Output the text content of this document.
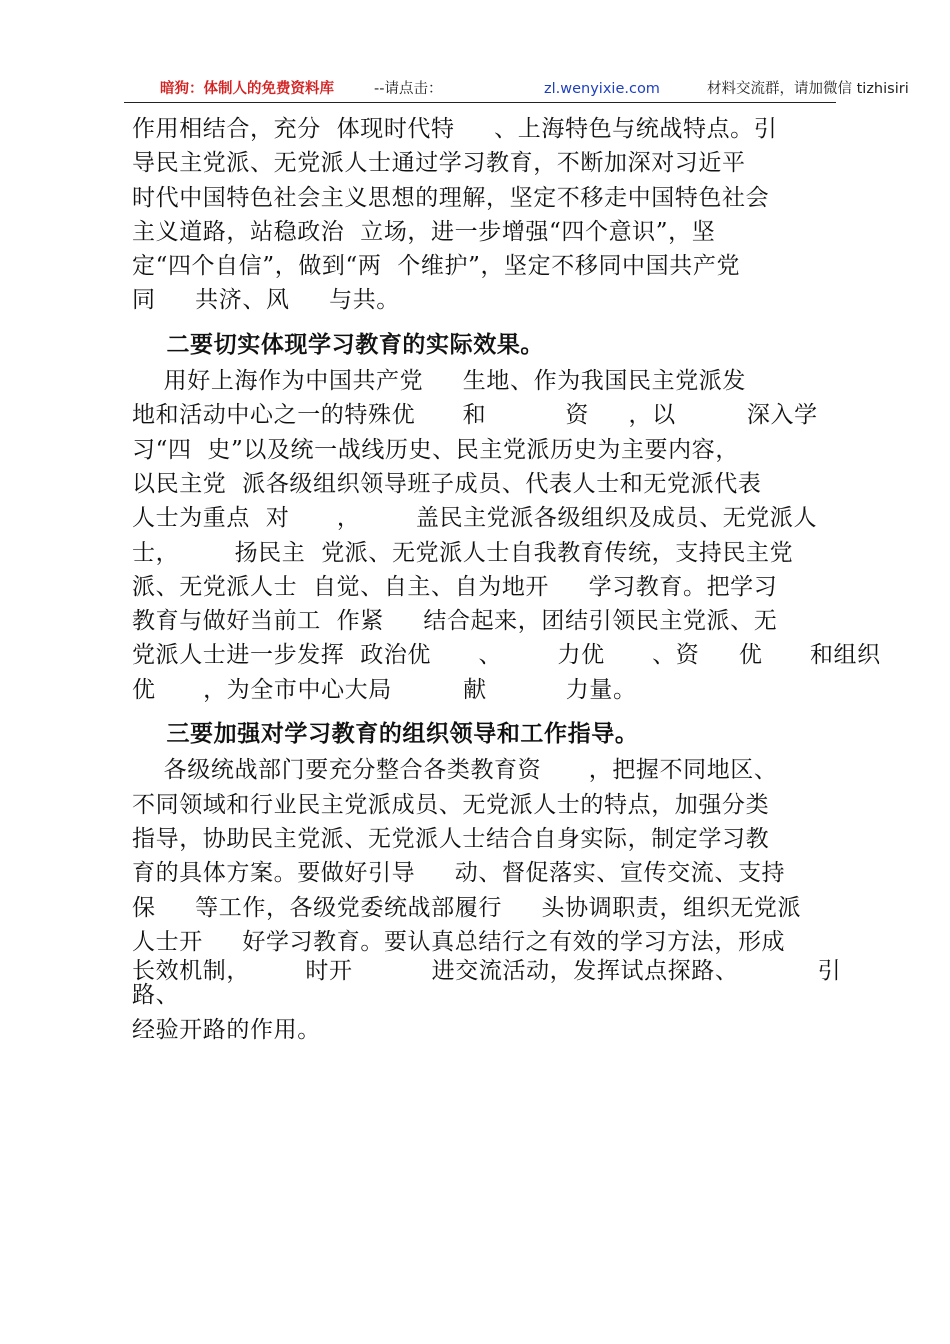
暗狗：体制人的免费资料库	--请点击：	zl.wenyixie.com	材料交流群，请加微信 tizhisiri
作用相结合，充分  体现时代特     、上海特色与统战特点。引
导民主党派、无党派人士通过学习教育，不断加深对习近平
时代中国特色社会主义思想的理解，坚定不移走中国特色社会
主义道路，站稳政治  立场，进一步增强“四个意识”，坚
定“四个自信”，做到“两  个维护”，坚定不移同中国共产党
同     共济、风     与共。
二要切实体现学习教育的实际效果。
用好上海作为中国共产党     生地、作为我国民主党派发
地和活动中心之一的特殊优      和          资     ，以         深入学
习“四  史”以及统一战线历史、民主党派历史为主要内容，
以民主党  派各级组织领导班子成员、代表人士和无党派代表
人士为重点  对      ，       盖民主党派各级组织及成员、无党派人
士，       扬民主  党派、无党派人士自我教育传统，支持民主党
派、无党派人士  自觉、自主、自为地开     学习教育。把学习
教育与做好当前工  作紧     结合起来，团结引领民主党派、无
党派人士进一步发挥  政治优      、       力优      、资     优      和组织
优      ，为全市中心大局         献          力量。
三要加强对学习教育的组织领导和工作指导。
各级统战部门要充分整合各类教育资      ，把握不同地区、
不同领域和行业民主党派成员、无党派人士的特点，加强分类
指导，协助民主党派、无党派人士结合自身实际，制定学习教
育的具体方案。要做好引导     动、督促落实、宣传交流、支持
保     等工作，各级党委统战部履行     头协调职责，组织无党派
人士开     好学习教育。要认真总结行之有效的学习方法，形成
长效机制，       时开          进交流活动，发挥试点探路、          引
路、
经验开路的作用。
